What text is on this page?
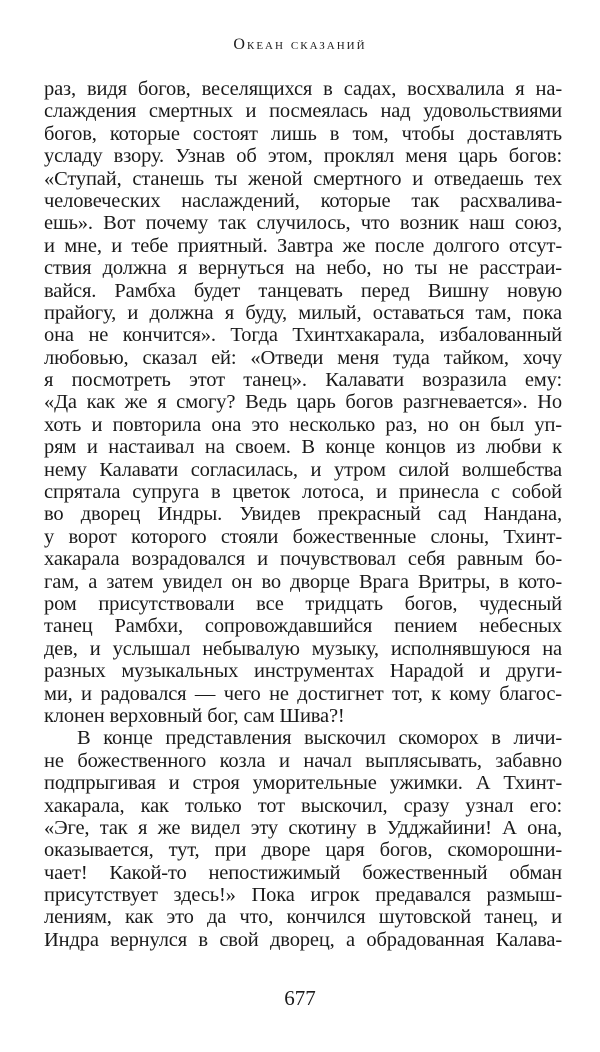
Океан сказаний
раз, видя богов, веселящихся в садах, восхвалила я на-
слаждения смертных и посмеялась над удовольствиями
богов, которые состоят лишь в том, чтобы доставлять
усладу взору. Узнав об этом, проклял меня царь богов:
«Ступай, станешь ты женой смертного и отведаешь тех
человеческих наслаждений, которые так расхвалива-
ешь». Вот почему так случилось, что возник наш союз,
и мне, и тебе приятный. Завтра же после долгого отсут-
ствия должна я вернуться на небо, но ты не расстраи-
вайся. Рамбха будет танцевать перед Вишну новую
прайогу, и должна я буду, милый, оставаться там, пока
она не кончится». Тогда Тхинтхакарала, избалованный
любовью, сказал ей: «Отведи меня туда тайком, хочу
я посмотреть этот танец». Калавати возразила ему:
«Да как же я смогу? Ведь царь богов разгневается». Но
хоть и повторила она это несколько раз, но он был уп-
рям и настаивал на своем. В конце концов из любви к
нему Калавати согласилась, и утром силой волшебства
спрятала супруга в цветок лотоса, и принесла с собой
во дворец Индры. Увидев прекрасный сад Нандана,
у ворот которого стояли божественные слоны, Тхинт-
хакарала возрадовался и почувствовал себя равным бо-
гам, а затем увидел он во дворце Врага Вритры, в кото-
ром присутствовали все тридцать богов, чудесный
танец Рамбхи, сопровождавшийся пением небесных
дев, и услышал небывалую музыку, исполнявшуюся на
разных музыкальных инструментах Нарадой и други-
ми, и радовался — чего не достигнет тот, к кому благос-
клонен верховный бог, сам Шива?!
В конце представления выскочил скоморох в личи-
не божественного козла и начал выплясывать, забавно
подпрыгивая и строя уморительные ужимки. А Тхинт-
хакарала, как только тот выскочил, сразу узнал его:
«Эге, так я же видел эту скотину в Удджайини! А она,
оказывается, тут, при дворе царя богов, скоморошни-
чает! Какой-то непостижимый божественный обман
присутствует здесь!» Пока игрок предавался размыш-
лениям, как это да что, кончился шутовской танец, и
Индра вернулся в свой дворец, а обрадованная Калава-
677
